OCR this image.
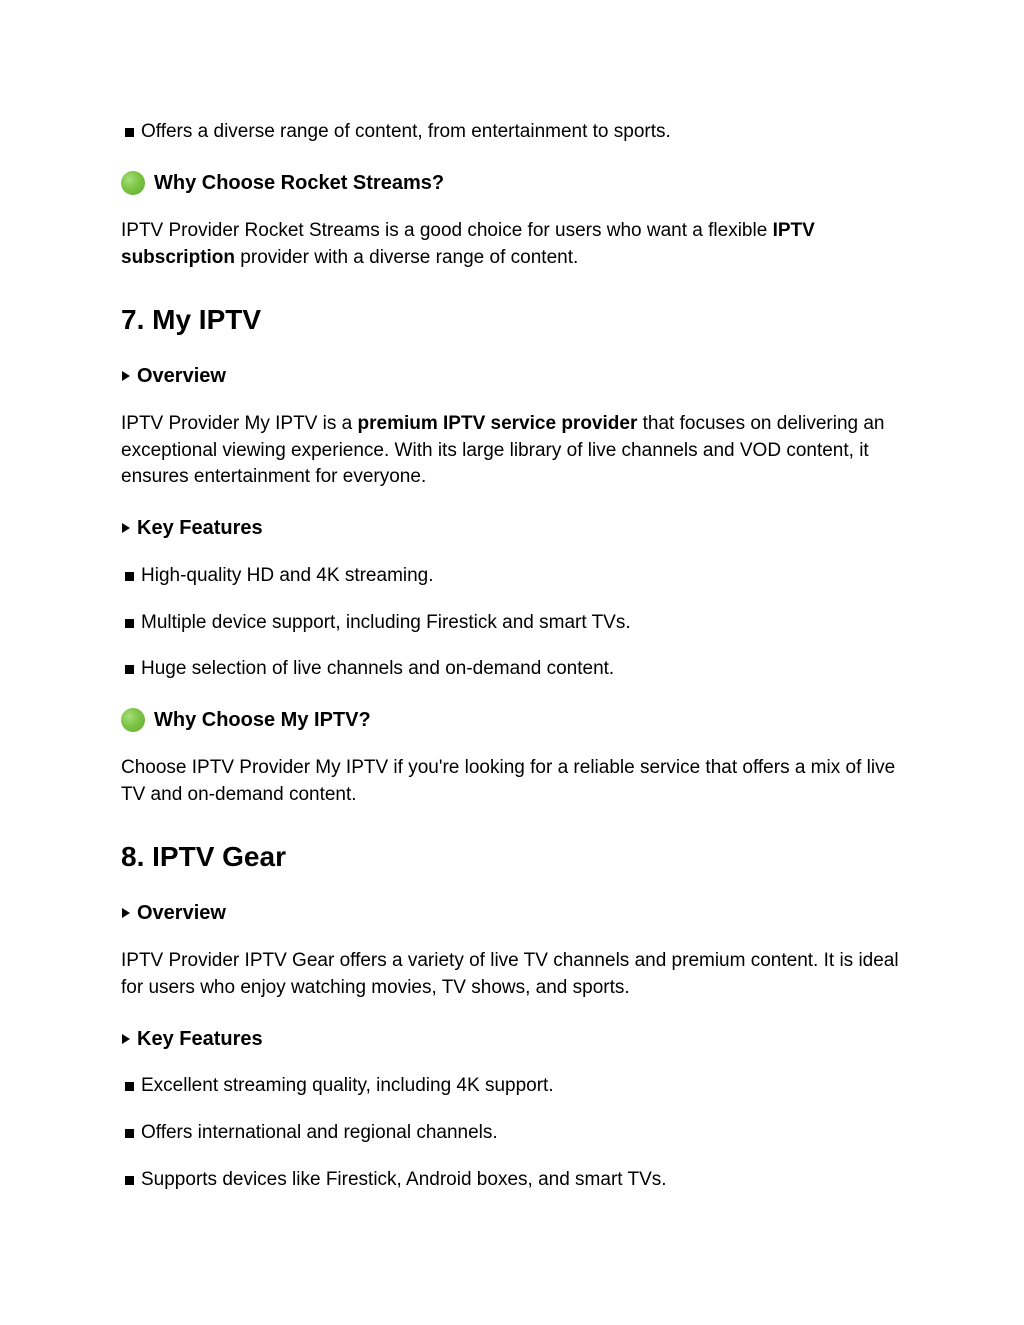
Offers a diverse range of content, from entertainment to sports.
Why Choose Rocket Streams?

IPTV Provider Rocket Streams is a good choice for users who want a flexible IPTV subscription provider with a diverse range of content.

7. My IPTV
Overview

IPTV Provider My IPTV is a premium IPTV service provider that focuses on delivering an exceptional viewing experience. With its large library of live channels and VOD content, it ensures entertainment for everyone.

Key Features
High-quality HD and 4K streaming.
Multiple device support, including Firestick and smart TVs.
Huge selection of live channels and on-demand content.
Why Choose My IPTV?

Choose IPTV Provider My IPTV if you're looking for a reliable service that offers a mix of live TV and on-demand content.

8. IPTV Gear
Overview

IPTV Provider IPTV Gear offers a variety of live TV channels and premium content. It is ideal for users who enjoy watching movies, TV shows, and sports.

Key Features
Excellent streaming quality, including 4K support.
Offers international and regional channels.
Supports devices like Firestick, Android boxes, and smart TVs.
